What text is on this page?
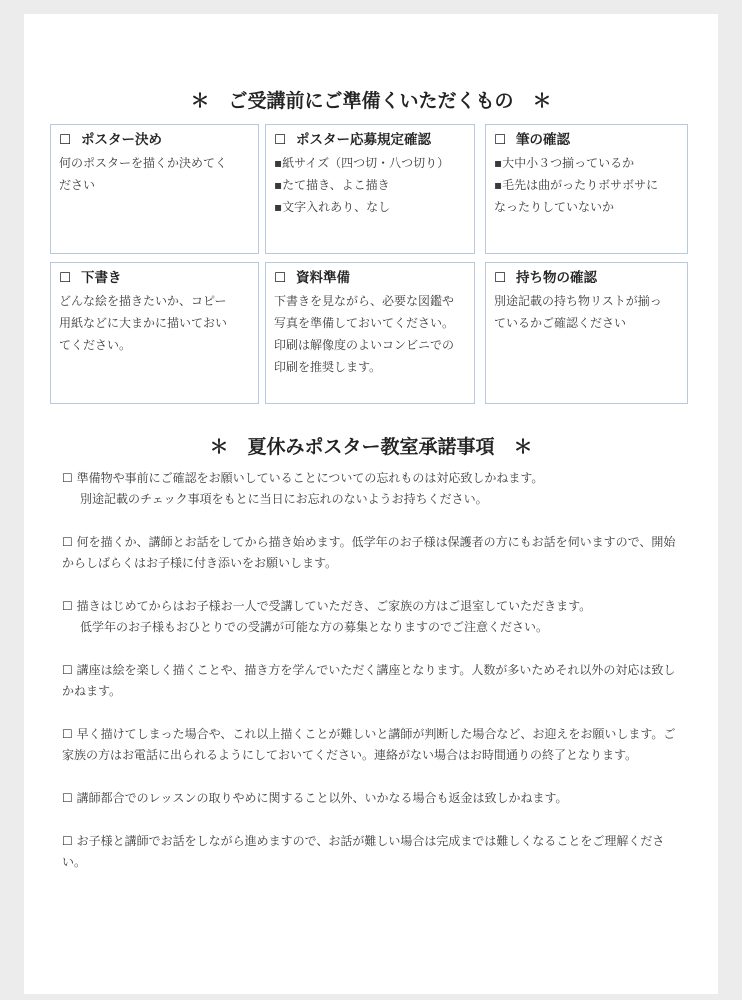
＊　ご受講前にご準備くいただくもの　＊
☐ ポスター決め
何のポスターを描くか決めてく
ださい
☐ ポスター応募規定確認
▪紙サイズ（四つ切・八つ切り）
▪たて描き、よこ描き
▪文字入れあり、なし
☐ 筆の確認
▪大中小３つ揃っているか
▪毛先は曲がったりボサボサに
なったりしていないか
☐ 下書き
どんな絵を描きたいか、コピー
用紙などに大まかに描いておい
てください。
☐ 資料準備
下書きを見ながら、必要な図鑑や
写真を準備しておいてください。
印刷は解像度のよいコンビニでの
印刷を推奨します。
☐ 持ち物の確認
別途記載の持ち物リストが揃っ
ているかご確認ください
＊　夏休みポスター教室承諾事項　＊
☐ 準備物や事前にご確認をお願いしていることについての忘れものは対応致しかねます。
別途記載のチェック事項をもとに当日にお忘れのないようお持ちください。
☐ 何を描くか、講師とお話をしてから描き始めます。低学年のお子様は保護者の方にもお話を伺いますので、開始からしばらくはお子様に付き添いをお願いします。
☐ 描きはじめてからはお子様お一人で受講していただき、ご家族の方はご退室していただきます。
低学年のお子様もおひとりでの受講が可能な方の募集となりますのでご注意ください。
☐ 講座は絵を楽しく描くことや、描き方を学んでいただく講座となります。人数が多いためそれ以外の対応は致しかねます。
☐ 早く描けてしまった場合や、これ以上描くことが難しいと講師が判断した場合など、お迎えをお願いします。ご家族の方はお電話に出られるようにしておいてください。連絡がない場合はお時間通りの終了となります。
☐ 講師都合でのレッスンの取りやめに関すること以外、いかなる場合も返金は致しかねます。
☐ お子様と講師でお話をしながら進めますので、お話が難しい場合は完成までは難しくなることをご理解ください。
